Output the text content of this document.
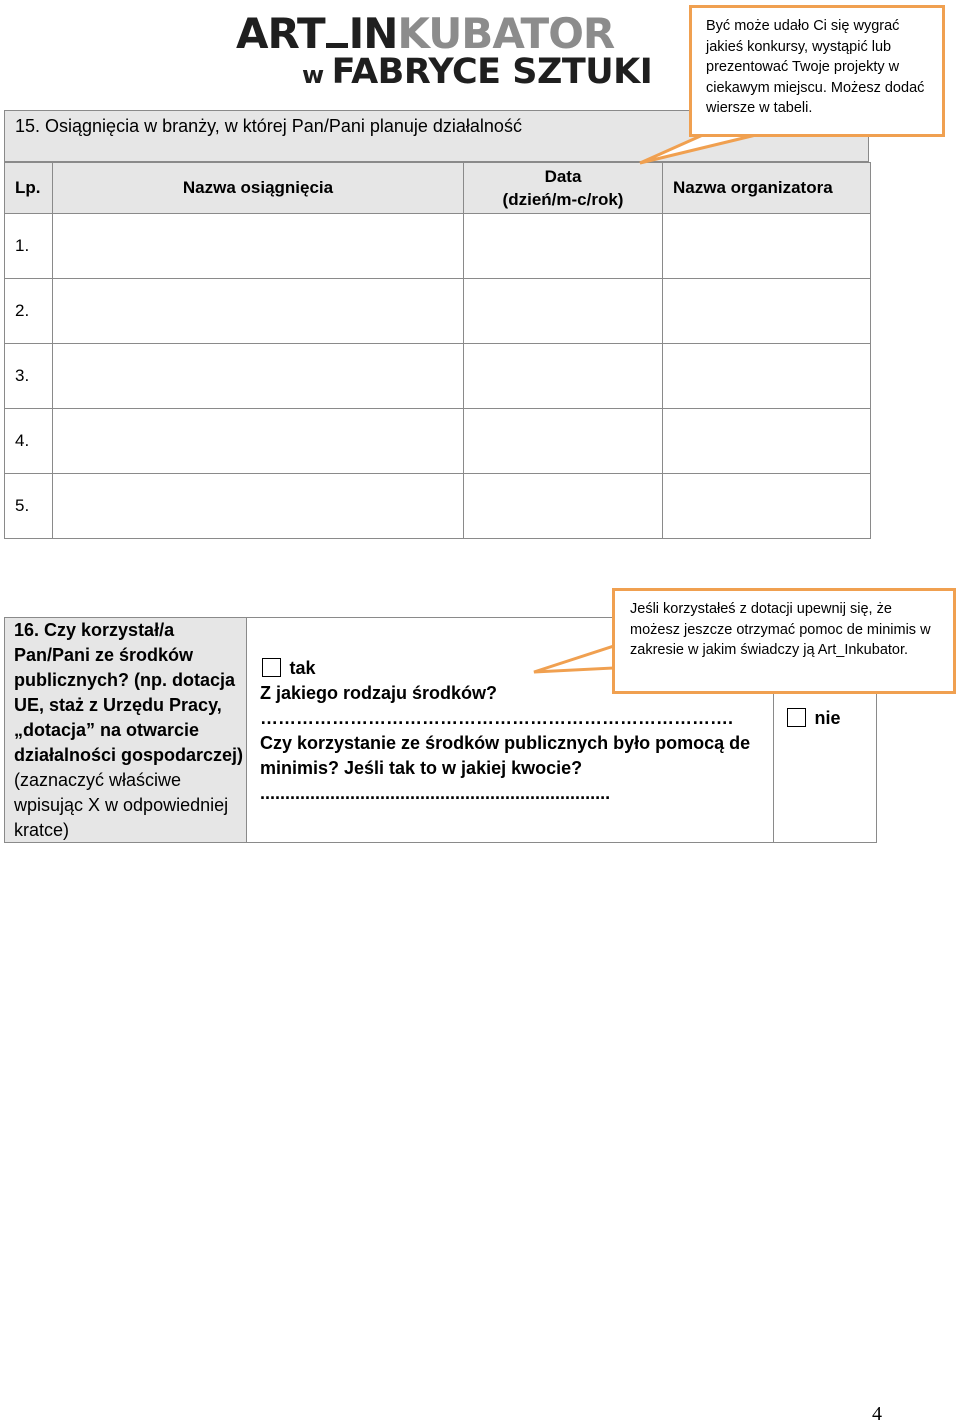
ART INKUBATOR
w FABRYCE SZTUKI
15. Osiągnięcia w branży, w której Pan/Pani planuje działalność
Lp.	Nazwa osiągnięcia	Data
(dzień/m-c/rok)	Nazwa organizatora
1.			
2.			
3.			
4.			
5.			
Być może udało Ci się wygrać jakieś konkursy, wystąpić lub prezentować Twoje projekty w ciekawym miejscu. Możesz dodać wiersze w tabeli.
16. Czy korzystał/a Pan/Pani ze środków publicznych? (np. dotacja UE, staż z Urzędu Pracy, „dotacja” na otwarcie działalności gospodarczej) (zaznaczyć właściwe wpisując X w odpowiedniej kratce)
tak
Z jakiego rodzaju środków?
…………………………………………………………………….
Czy korzystanie ze środków publicznych było pomocą de minimis? Jeśli tak to w jakiej kwocie?
......................................................................
nie
Jeśli korzystałeś z dotacji upewnij się, że możesz jeszcze otrzymać pomoc de minimis w zakresie w jakim świadczy ją Art_Inkubator.
4
